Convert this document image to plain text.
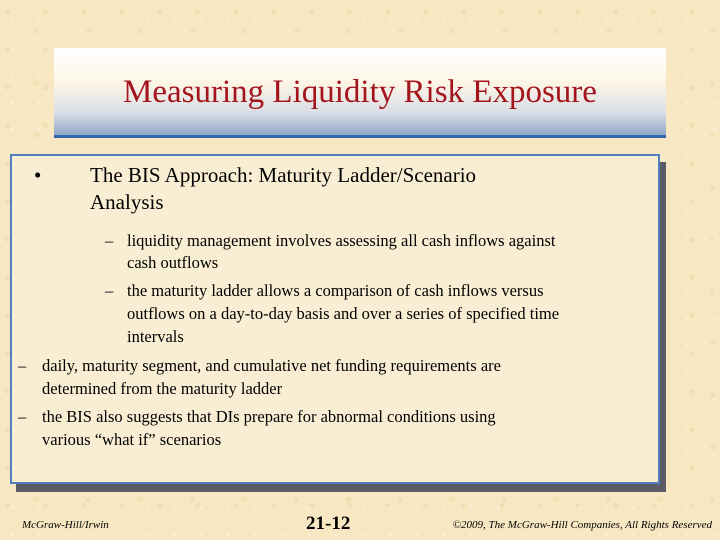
Measuring Liquidity Risk Exposure
• The BIS Approach: Maturity Ladder/Scenario
Analysis
– liquidity management involves assessing all cash inflows against
cash outflows
– the maturity ladder allows a comparison of cash inflows versus
outflows on a day-to-day basis and over a series of specified time
intervals
– daily, maturity segment, and cumulative net funding requirements are
determined from the maturity ladder
– the BIS also suggests that DIs prepare for abnormal conditions using
various “what if” scenarios
McGraw-Hill/Irwin	21-12	©2009, The McGraw-Hill Companies, All Rights Reserved
